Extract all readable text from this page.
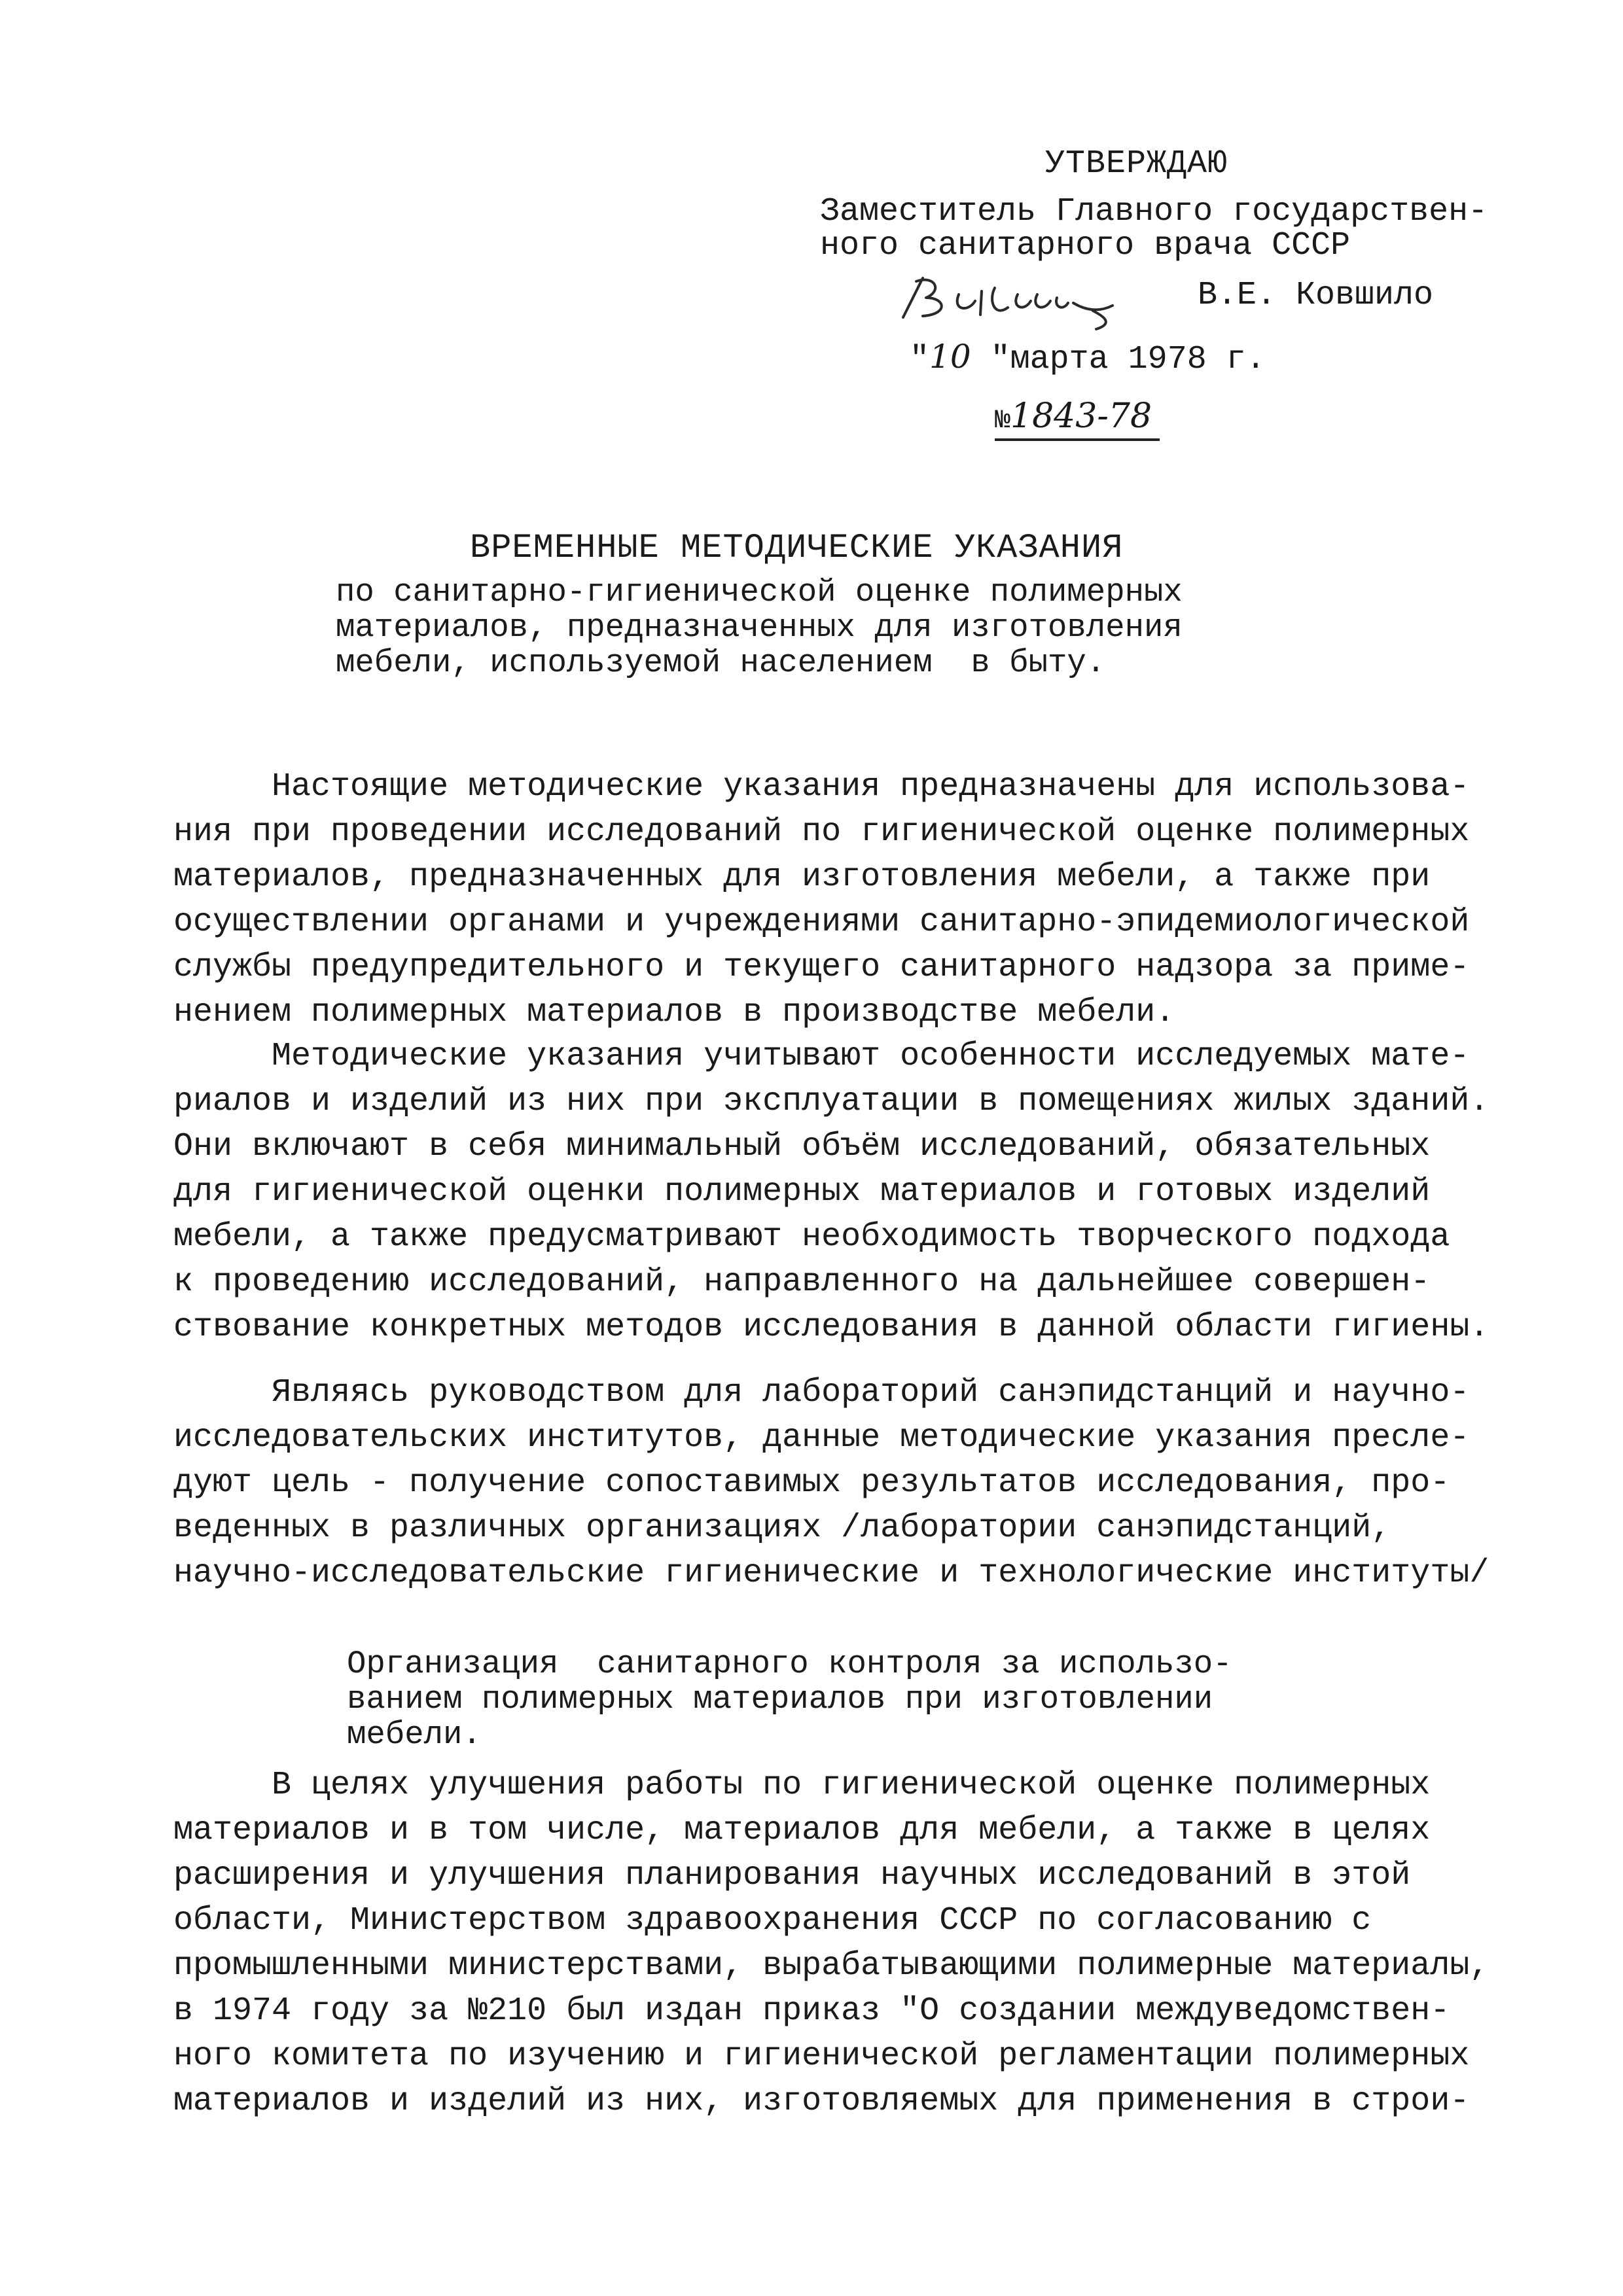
УТВЕРЖДАЮ
Заместитель Главного государствен-
ного санитарного врача СССР
В.Е. Ковшило
"10 "марта 1978 г.
№1843-78
ВРЕМЕННЫЕ МЕТОДИЧЕСКИЕ УКАЗАНИЯ
по санитарно-гигиенической оценке полимерных
материалов, предназначенных для изготовления
мебели, используемой населением  в быту.
Настоящие методические указания предназначены для использова-
ния при проведении исследований по гигиенической оценке полимерных
материалов, предназначенных для изготовления мебели, а также при
осуществлении органами и учреждениями санитарно-эпидемиологической
службы предупредительного и текущего санитарного надзора за приме-
нением полимерных материалов в производстве мебели.
Методические указания учитывают особенности исследуемых мате-
риалов и изделий из них при эксплуатации в помещениях жилых зданий.
Они включают в себя минимальный объём исследований, обязательных
для гигиенической оценки полимерных материалов и готовых изделий
мебели, а также предусматривают необходимость творческого подхода
к проведению исследований, направленного на дальнейшее совершен-
ствование конкретных методов исследования в данной области гигиены.
Являясь руководством для лабораторий санэпидстанций и научно-
исследовательских институтов, данные методические указания пресле-
дуют цель - получение сопоставимых результатов исследования, про-
веденных в различных организациях /лаборатории санэпидстанций,
научно-исследовательские гигиенические и технологические институты/
Организация  санитарного контроля за использо-
ванием полимерных материалов при изготовлении
мебели.
В целях улучшения работы по гигиенической оценке полимерных
материалов и в том числе, материалов для мебели, а также в целях
расширения и улучшения планирования научных исследований в этой
области, Министерством здравоохранения СССР по согласованию с
промышленными министерствами, вырабатывающими полимерные материалы,
в 1974 году за №210 был издан приказ "О создании междуведомствен-
ного комитета по изучению и гигиенической регламентации полимерных
материалов и изделий из них, изготовляемых для применения в строи-
